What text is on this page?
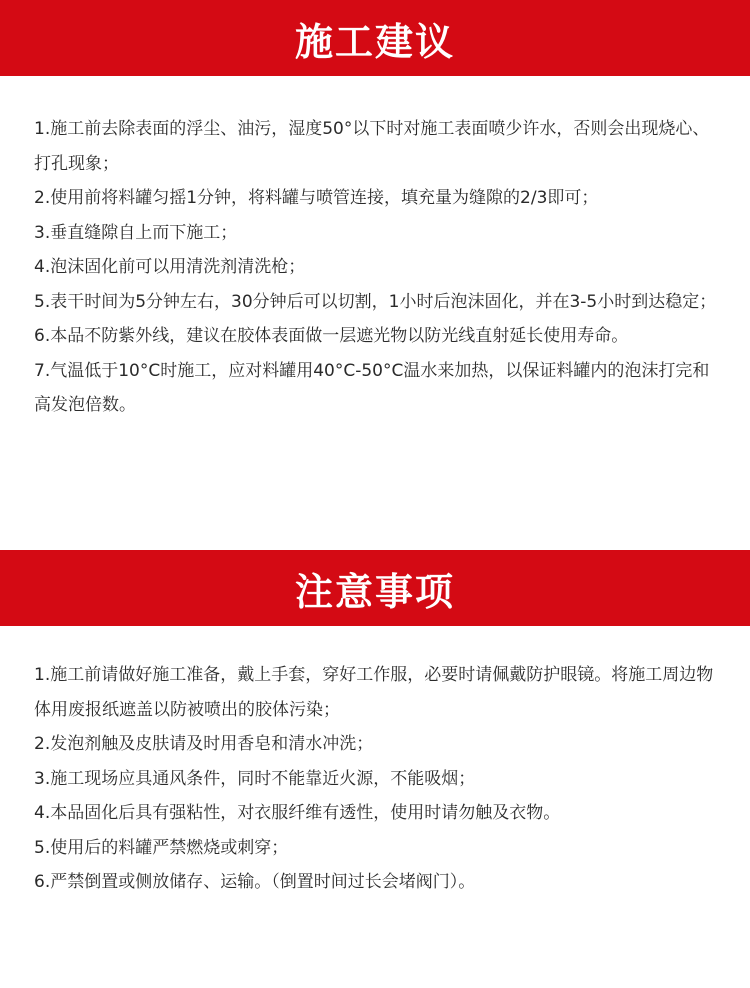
施工建议
1.施工前去除表面的浮尘、油污，湿度50°以下时对施工表面喷少许水，否则会出现烧心、打孔现象；
2.使用前将料罐匀摇1分钟，将料罐与喷管连接，填充量为缝隙的2/3即可；
3.垂直缝隙自上而下施工；
4.泡沫固化前可以用清洗剂清洗枪；
5.表干时间为5分钟左右，30分钟后可以切割，1小时后泡沫固化，并在3-5小时到达稳定；
6.本品不防紫外线，建议在胶体表面做一层遮光物以防光线直射延长使用寿命。
7.气温低于10°C时施工，应对料罐用40°C-50°C温水来加热，以保证料罐内的泡沫打完和高发泡倍数。
注意事项
1.施工前请做好施工准备，戴上手套，穿好工作服，必要时请佩戴防护眼镜。将施工周边物体用废报纸遮盖以防被喷出的胶体污染；
2.发泡剂触及皮肤请及时用香皂和清水冲洗；
3.施工现场应具通风条件，同时不能靠近火源，不能吸烟；
4.本品固化后具有强粘性，对衣服纤维有透性，使用时请勿触及衣物。
5.使用后的料罐严禁燃烧或刺穿；
6.严禁倒置或侧放储存、运输。（倒置时间过长会堵阀门）。
